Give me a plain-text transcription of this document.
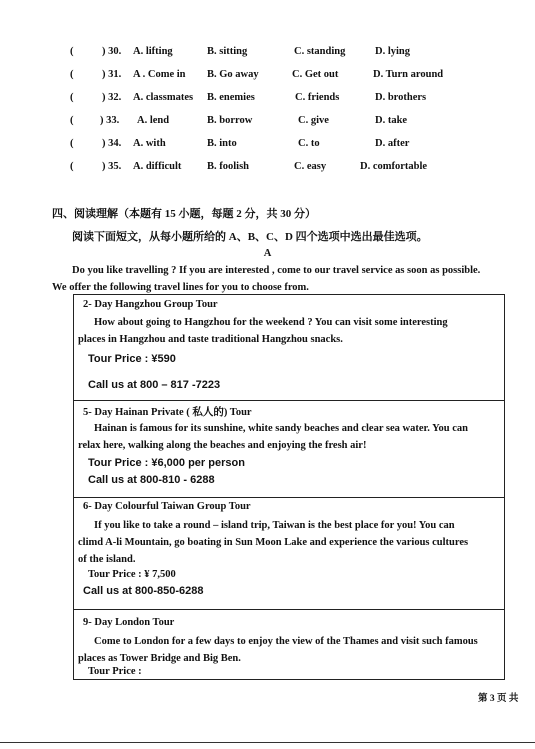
(	) 30. A. lifting	B. sitting	C. standing	D. lying
(	) 31. A . Come in B. Go away	C. Get out	D. Turn around
(	) 32. A. classmates B. enemies	C. friends	D. brothers
(	) 33. A. lend	B. borrow	C. give	D. take
(	) 34. A. with	B. into	C. to	D. after
(	) 35. A. difficult B. foolish	C. easy	D. comfortable
四、阅读理解（本题有 15 小题，每题 2 分，共 30 分）
阅读下面短文，从每小题所给的 A、B、C、D 四个选项中选出最佳选项。
A
Do you like travelling ? If you are interested , come to our travel service as soon as possible.
We offer the following travel lines for you to choose from.
2- Day Hangzhou Group Tour
How about going to Hangzhou for the weekend ? You can visit some interesting
places in Hangzhou and taste traditional Hangzhou snacks.
Tour Price : ¥590
Call us at 800 – 817 -7223
5- Day Hainan Private ( 私人的) Tour
Hainan is famous for its sunshine, white sandy beaches and clear sea water. You can
relax here, walking along the beaches and enjoying the fresh air!
Tour Price : ¥6,000 per person
Call us at 800-810 - 6288
6- Day Colourful Taiwan Group Tour
If you like to take a round – island trip, Taiwan is the best place for you! You can
climd A-li Mountain, go boating in Sun Moon Lake and experience the various cultures
of the island.
Tour Price : ¥ 7,500
Call us at 800-850-6288
9- Day London Tour
Come to London for a few days to enjoy the view of the Thames and visit such famous
places as Tower Bridge and Big Ben.
Tour Price :
第 3 页 共
